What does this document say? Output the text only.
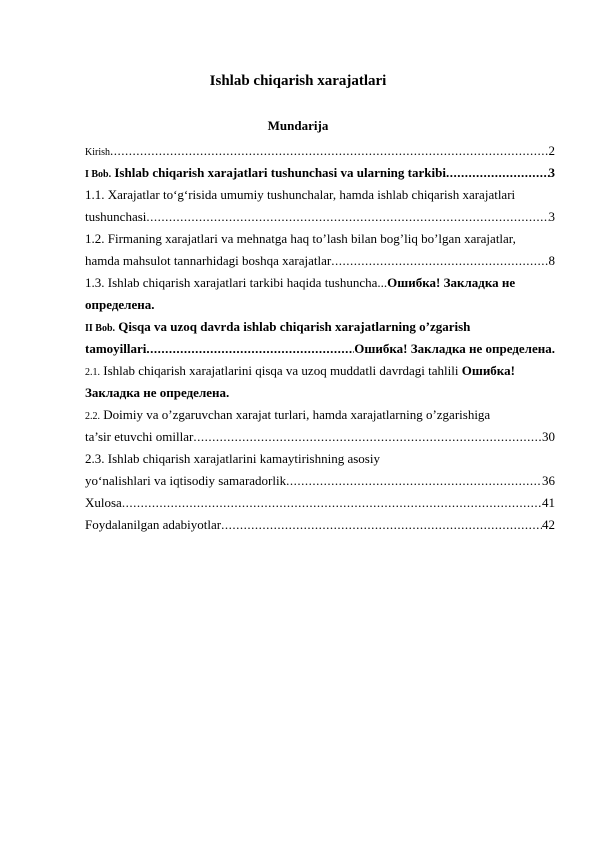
Ishlab chiqarish xarajatlari
Mundarija
Kirish .....	2
I Bob. Ishlab chiqarish xarajatlari tushunchasi va ularning tarkibi .....	3
1.1. Xarajatlar to‘g‘risida umumiy tushunchalar, hamda ishlab chiqarish xarajatlari
tushunchasi .....	3
1.2. Firmaning xarajatlari va mehnatga haq to’lash bilan bog’liq bo’lgan xarajatlar,
hamda mahsulot tannarhidagi boshqa xarajatlar .....	8
1.3. Ishlab chiqarish xarajatlari tarkibi haqida tushuncha...Ошибка! Закладка не
определена.
II Bob. Qisqa va uzoq davrda ishlab chiqarish xarajatlarning o’zgarish
tamoyillari .....	Ошибка! Закладка не определена.
2.1. Ishlab chiqarish xarajatlarini qisqa va uzoq muddatli davrdagi tahlili Ошибка!
Закладка не определена.
2.2. Doimiy va o’zgaruvchan xarajat turlari, hamda xarajatlarning o’zgarishiga
ta’sir etuvchi omillar .....	30
2.3. Ishlab chiqarish xarajatlarini kamaytirishning asosiy
yo‘nalishlari va iqtisodiy samaradorlik .....	36
Xulosa .....	41
Foydalanilgan adabiyotlar .....	42
